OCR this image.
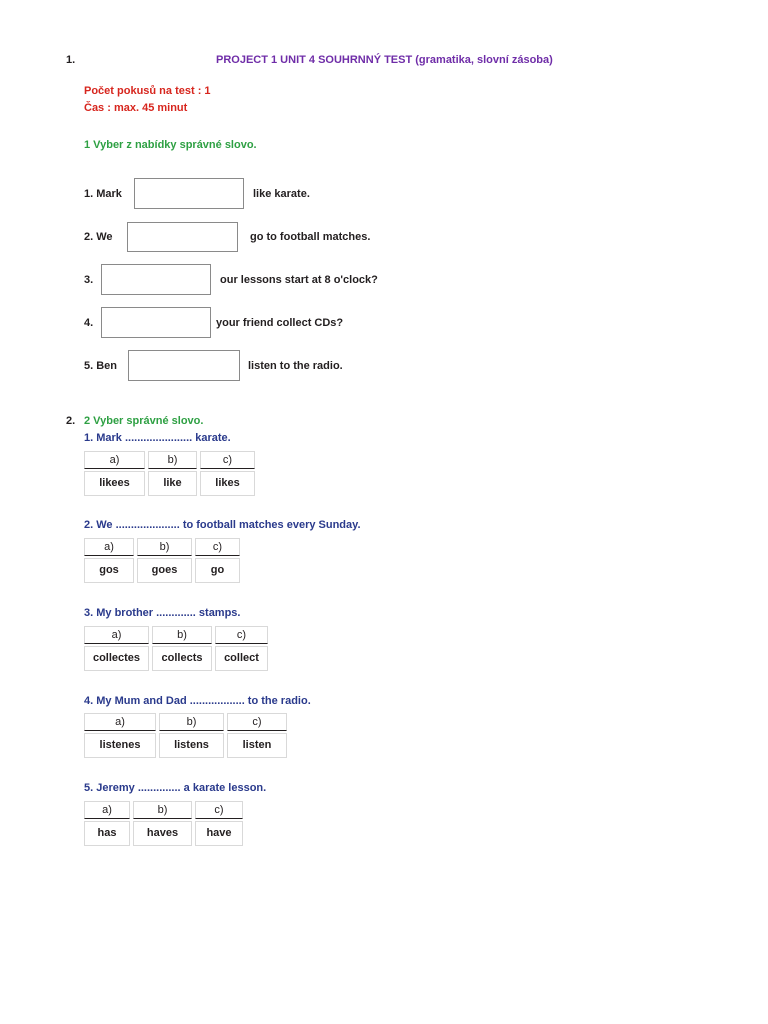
1.	PROJECT 1 UNIT 4 SOUHRNNÝ TEST (gramatika, slovní zásoba)
Počet pokusů na test : 1
Čas : max. 45 minut
1 Vyber z nabídky správné slovo.
1. Mark	like karate.
2. We	go to football matches.
3.	our lessons start at 8 o'clock?
4.	your friend collect CDs?
5. Ben	listen to the radio.
2. 2 Vyber správné slovo.
1. Mark ...................... karate.
a)
likees
b)
like
c)
likes
2. We ..................... to football matches every Sunday.
a)
gos
b)
goes
c)
go
3. My brother ............. stamps.
a)
collectes
b)
collects
c)
collect
4. My Mum and Dad .................. to the radio.
a)
listenes
b)
listens
c)
listen
5. Jeremy .............. a karate lesson.
a)
has
b)
haves
c)
have
